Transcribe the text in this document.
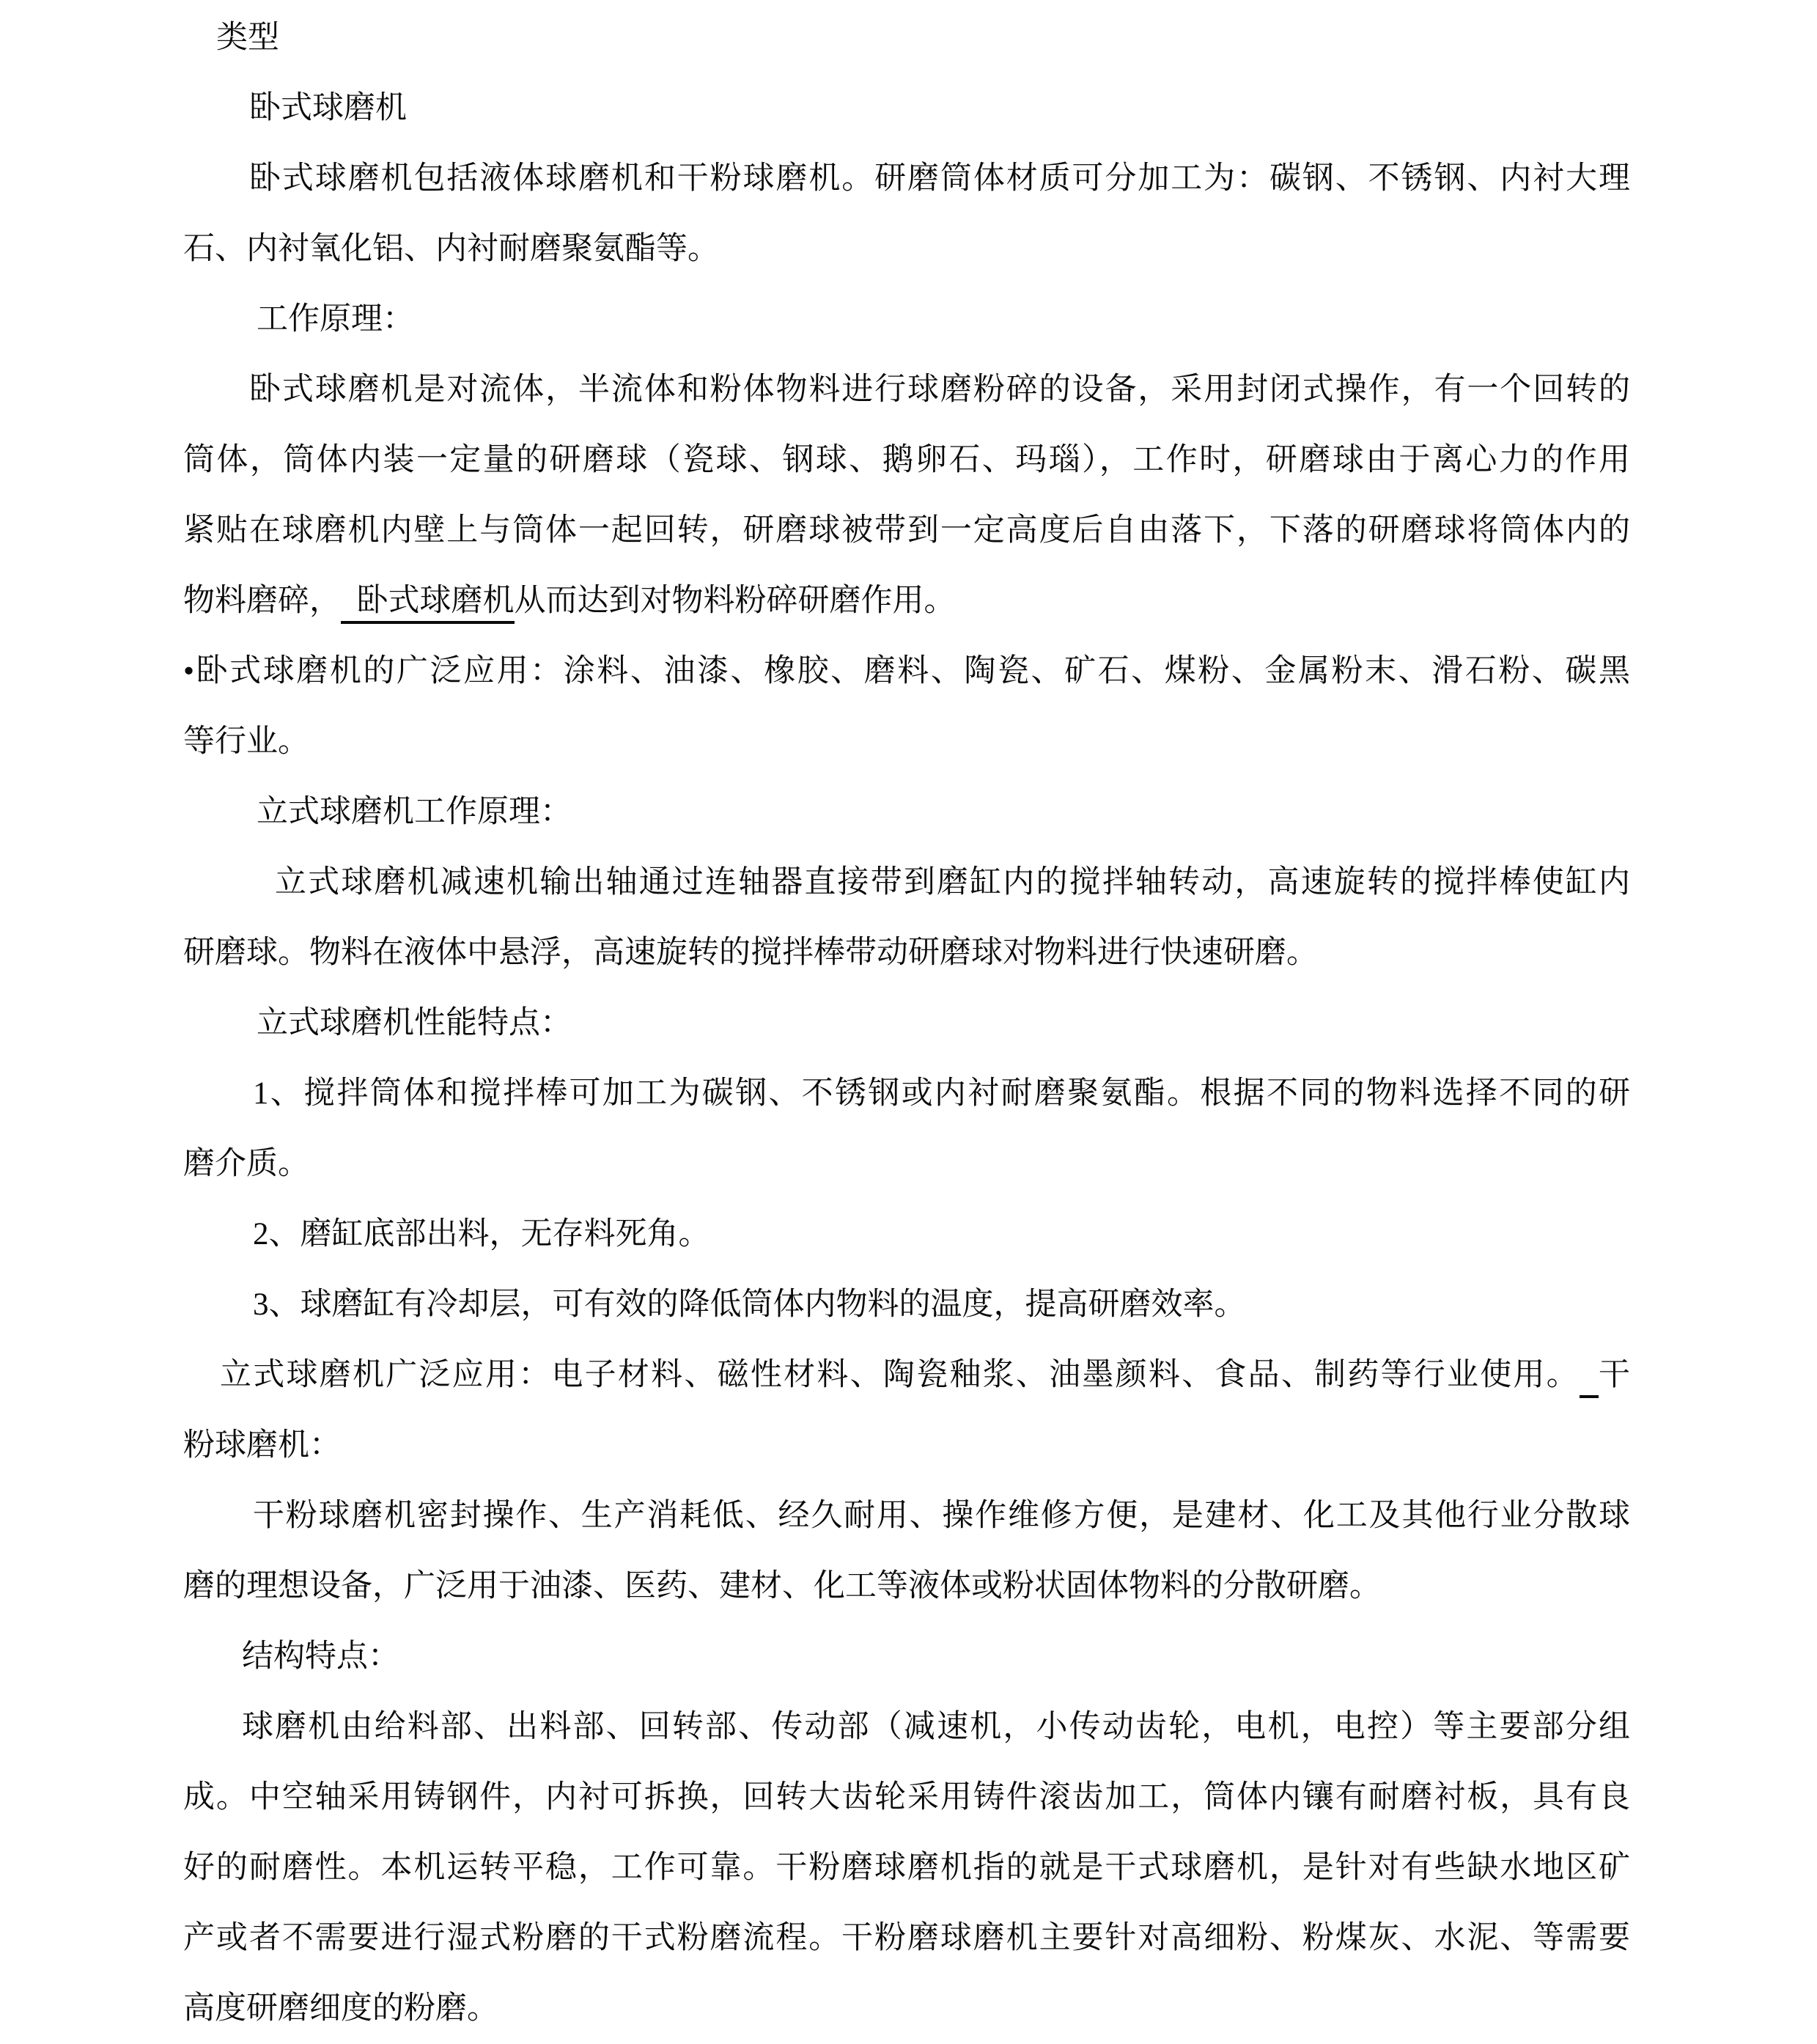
类型
卧式球磨机
卧式球磨机包括液体球磨机和干粉球磨机。研磨筒体材质可分加工为：碳钢、不锈钢、内衬大理
石、内衬氧化铝、内衬耐磨聚氨酯等。
工作原理：
卧式球磨机是对流体，半流体和粉体物料进行球磨粉碎的设备，采用封闭式操作，有一个回转的
筒体，筒体内装一定量的研磨球（瓷球、钢球、鹅卵石、玛瑙），工作时，研磨球由于离心力的作用
紧贴在球磨机内壁上与筒体一起回转，研磨球被带到一定高度后自由落下，下落的研磨球将筒体内的
物料磨碎，  卧式球磨机从而达到对物料粉碎研磨作用。
•卧式球磨机的广泛应用：涂料、油漆、橡胶、磨料、陶瓷、矿石、煤粉、金属粉末、滑石粉、碳黑
等行业。
立式球磨机工作原理：
立式球磨机减速机输出轴通过连轴器直接带到磨缸内的搅拌轴转动，高速旋转的搅拌棒使缸内
研磨球。物料在液体中悬浮，高速旋转的搅拌棒带动研磨球对物料进行快速研磨。
立式球磨机性能特点：
1、搅拌筒体和搅拌棒可加工为碳钢、不锈钢或内衬耐磨聚氨酯。根据不同的物料选择不同的研
磨介质。
2、磨缸底部出料，无存料死角。
3、球磨缸有冷却层，可有效的降低筒体内物料的温度，提高研磨效率。
立式球磨机广泛应用：电子材料、磁性材料、陶瓷釉浆、油墨颜料、食品、制药等行业使用。 干
粉球磨机：
干粉球磨机密封操作、生产消耗低、经久耐用、操作维修方便，是建材、化工及其他行业分散球
磨的理想设备，广泛用于油漆、医药、建材、化工等液体或粉状固体物料的分散研磨。
结构特点：
球磨机由给料部、出料部、回转部、传动部（减速机，小传动齿轮，电机，电控）等主要部分组
成。中空轴采用铸钢件，内衬可拆换，回转大齿轮采用铸件滚齿加工，筒体内镶有耐磨衬板，具有良
好的耐磨性。本机运转平稳，工作可靠。干粉磨球磨机指的就是干式球磨机，是针对有些缺水地区矿
产或者不需要进行湿式粉磨的干式粉磨流程。干粉磨球磨机主要针对高细粉、粉煤灰、水泥、等需要
高度研磨细度的粉磨。
